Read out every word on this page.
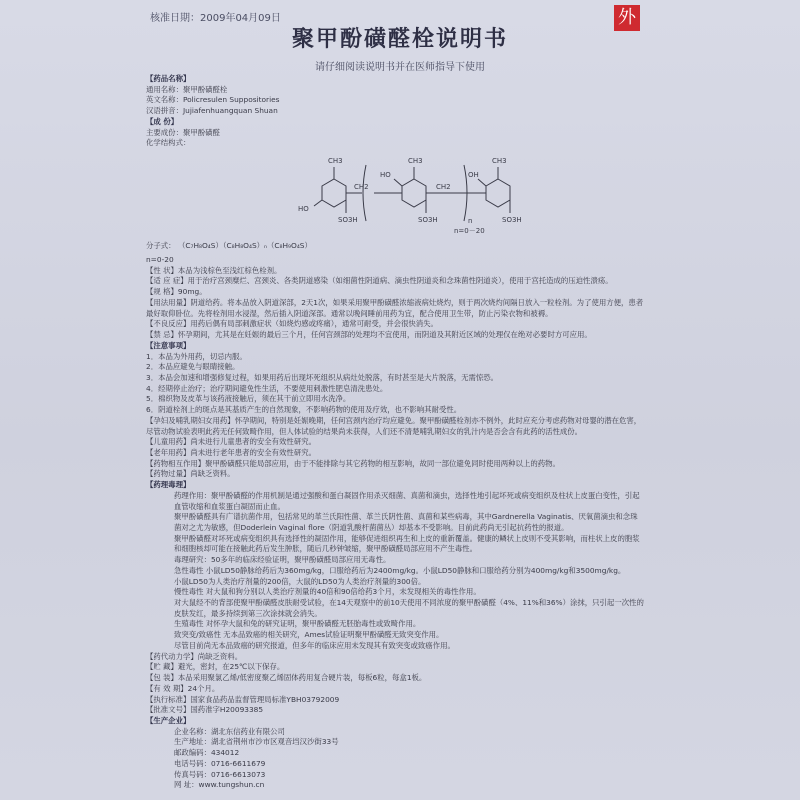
核准日期：2009年04月09日	外
聚甲酚磺醛栓说明书
请仔细阅读说明书并在医师指导下使用
【药品名称】
通用名称：聚甲酚磺醛栓
英文名称：Policresulen Suppositories
汉语拼音：Jujiafenhuangquan Shuan
【成 份】
主要成份：聚甲酚磺醛
化学结构式：
CH3	CH3	CH3
HO
HO	OH
SO3H	SO3H	SO3H
CH2	CH2
n
n=0－20
分子式： （C₇H₈O₄S）（C₈H₈O₄S）ₙ（C₈H₉O₄S）
n=0-20
【性 状】本品为浅棕色至浅红棕色栓剂。
【适 应 症】用于治疗宫颈糜烂、宫颈炎、各类阴道感染（如细菌性阴道病、滴虫性阴道炎和念珠菌性阴道炎），使用于宫托造成的压迫性溃疡。
【规 格】90mg。
【用法用量】阴道给药。将本品放入阴道深部，2天1次，如果采用聚甲酚磺醛浓缩液病灶烧灼，则于两次烧灼间隔日放入一粒栓剂。为了使用方便，患者最好取仰卧位。先将栓剂用水浸湿，然后插入阴道深部。通常以晚间睡前用药为宜，配合使用卫生带，防止污染衣物和被褥。
【不良反应】用药后偶有局部刺激症状（如烧灼感或疼痛），通常可耐受，并会很快消失。
【禁 忌】怀孕期间，尤其是在妊娠的最后三个月，任何宫颈部的处理均不宜使用，而阴道及其附近区域的处理仅在绝对必要时方可应用。
【注意事项】
1．本品为外用药，切忌内服。
2．本品应避免与眼睛接触。
3．本品会加速和增强修复过程，如果用药后出现坏死组织从病灶处脱落，有时甚至是大片脱落，无需惊恐。
4．经期停止治疗；治疗期间避免性生活，不要使用刺激性肥皂清洗患处。
5．棉织物及皮革与该药液接触后，须在其干前立即用水洗净。
6．阴道栓剂上的斑点是其基质产生的自然现象，不影响药物的使用及疗效，也不影响其耐受性。
【孕妇及哺乳期妇女用药】怀孕期间，特别是妊娠晚期，任何宫颈内治疗均应避免。聚甲酚磺醛栓剂亦不例外，此时应充分考虑药物对母婴的潜在危害，尽管动物试验表明此药无任何致畸作用，但人体试验的结果尚未获得，人们还不清楚哺乳期妇女的乳汁内是否会含有此药的活性成份。
【儿童用药】尚未进行儿童患者的安全有效性研究。
【老年用药】尚未进行老年患者的安全有效性研究。
【药物相互作用】聚甲酚磺醛只能局部应用，由于不能排除与其它药物的相互影响，故同一部位避免同时使用两种以上的药物。
【药物过量】尚缺乏资料。
【药理毒理】
药理作用：聚甲酚磺醛的作用机制是通过强酸和蛋白凝固作用杀灭细菌、真菌和滴虫，选择性地引起坏死或病变组织及柱状上皮蛋白变性，引起血管收缩和血浆蛋白凝固而止血。
聚甲酚磺醛具有广谱抗菌作用，包括常见的革兰氏阳性菌、革兰氏阴性菌、真菌和某些病毒，其中Gardnerella Vaginatis、厌氧菌滴虫和念珠菌对之尤为敏感，但Doderlein Vaginal flore（阴道乳酸杆菌菌丛）却基本不受影响。目前此药尚无引起抗药性的报道。
聚甲酚磺醛对坏死或病变组织具有选择性的凝固作用，能够促进组织再生和上皮的重新覆盖。健康的鳞状上皮则不受其影响，而柱状上皮的胞浆和细胞核却可能在接触此药后发生肿胀，随后几秒钟皱缩，聚甲酚磺醛局部应用不产生毒性。
毒理研究：50多年的临床经验证明，聚甲酚磺醛局部应用无毒性。
急性毒性 小鼠LD50静脉给药后为360mg/kg，口服给药后为2400mg/kg。小鼠LD50静脉和口服给药分别为400mg/kg和3500mg/kg。
小鼠LD50为人类治疗剂量的200倍，大鼠的LD50为人类治疗剂量的300倍。
慢性毒性 对大鼠和狗分别以人类治疗剂量的40倍和90倍给药3个月，未发现相关的毒性作用。
对大鼠经不的背部使聚甲酚磺醛皮肤耐受试验，在14天观察中的前10天使用不同浓度的聚甲酚磺醛（4%、11%和36%）涂抹，只引起一次性的皮肤发红，最多持续到第三次涂抹就会消失。
生殖毒性 对怀孕大鼠和兔的研究证明，聚甲酚磺醛无胚胎毒性或致畸作用。
致突变/致癌性 无本品致癌的相关研究，Ames试验证明聚甲酚磺醛无致突变作用。
尽管目前尚无本品致癌的研究报道，但多年的临床应用未发现其有致突变或致癌作用。
【药代动力学】尚缺乏资料。
【贮 藏】避光，密封，在25℃以下保存。
【包 装】本品采用聚氯乙烯/低密度聚乙烯固体药用复合硬片装，每板6粒，每盒1板。
【有 效 期】24个月。
【执行标准】国家食品药品监督管理局标准YBH03792009
【批准文号】国药准字H20093385
【生产企业】
企业名称：湖北东信药业有限公司
生产地址：湖北省荆州市沙市区观音垱汉沙街33号
邮政编码：434012
电话号码：0716-6611679
传真号码：0716-6613073
网 址：www.tungshun.cn
